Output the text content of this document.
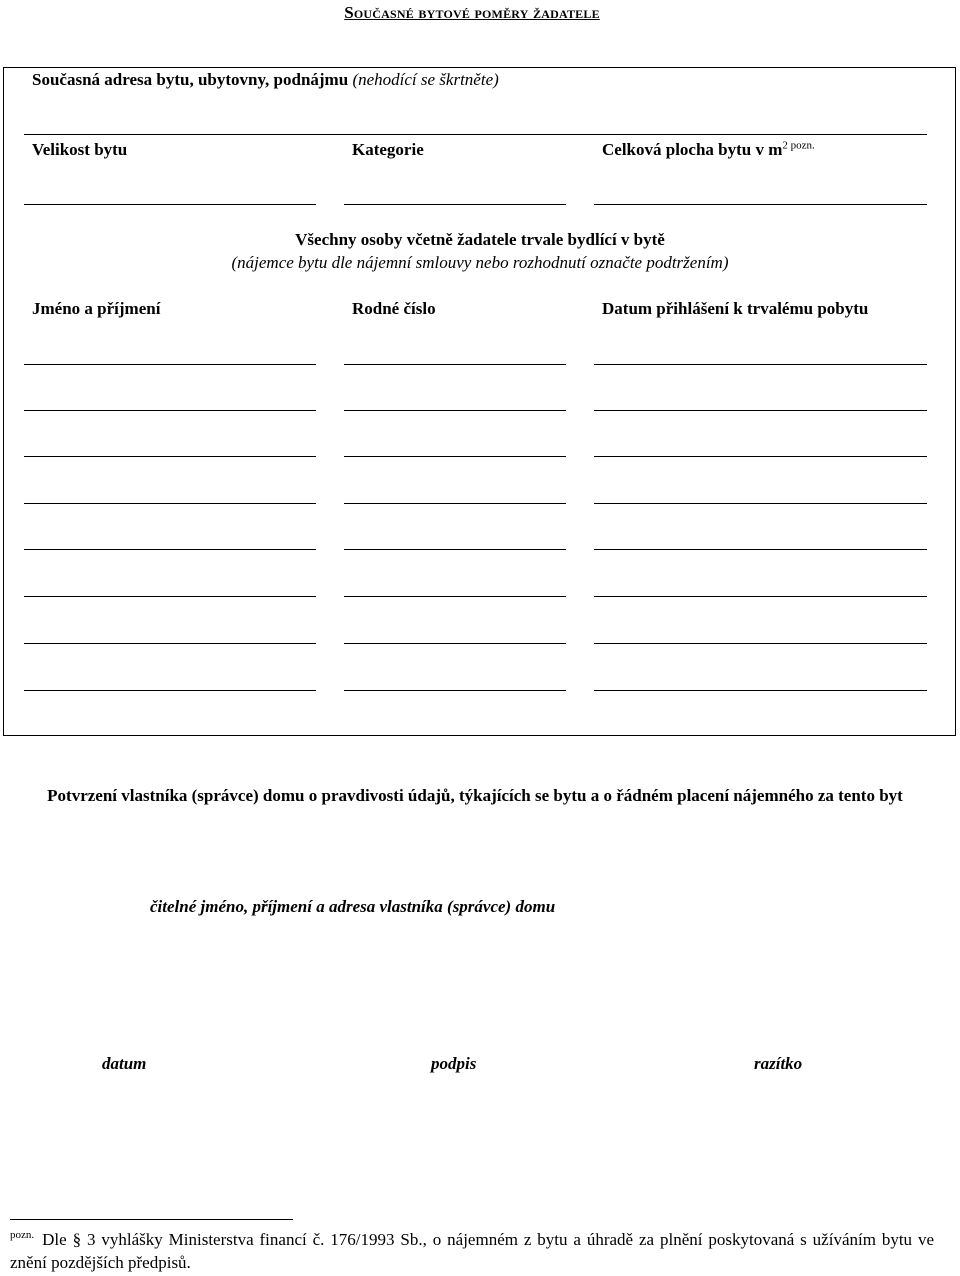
Současné bytové poměry žadatele
Současná adresa bytu, ubytovny, podnájmu (nehodící se škrtněte)
Velikost bytu	Kategorie	Celková plocha bytu v $m^{2 pozn.}$
Všechny osoby včetně žadatele trvale bydlící v bytě
(nájemce bytu dle nájemní smlouvy nebo rozhodnutí označte podtržením)
Jméno a příjmení	Rodné číslo	Datum přihlášení k trvalému pobytu
Potvrzení vlastníka (správce) domu o pravdivosti údajů, týkajících se bytu a o řádném placení nájemného za tento byt
čitelné jméno, příjmení a adresa vlastníka (správce) domu
datum	podpis	razítko
$^{pozn.}$ Dle § 3 vyhlášky Ministerstva financí č. 176/1993 Sb., o nájemném z bytu a úhradě za plnění poskytovaná s užíváním bytu ve znění pozdějších předpisů.
